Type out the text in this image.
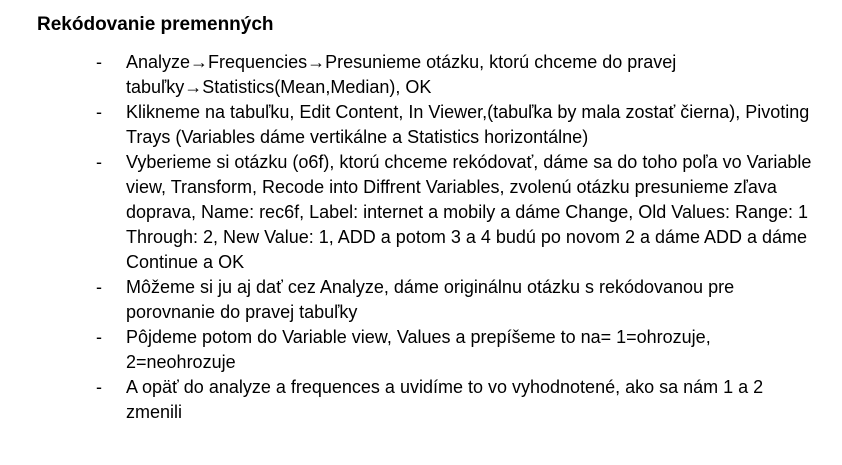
Rekódovanie premenných
- Analyze→Frequencies→Presunieme otázku, ktorú chceme do pravej tabuľky→Statistics(Mean,Median), OK
- Klikneme na tabuľku, Edit Content, In Viewer,(tabuľka by mala zostať čierna), Pivoting Trays (Variables dáme vertikálne a Statistics horizontálne)
- Vyberieme si otázku (o6f), ktorú chceme rekódovať, dáme sa do toho poľa vo Variable view, Transform, Recode into Diffrent Variables, zvolenú otázku presunieme zľava doprava, Name: rec6f, Label: internet a mobily a dáme Change, Old Values: Range: 1 Through: 2, New Value: 1, ADD a potom 3 a 4 budú po novom 2 a dáme ADD a dáme Continue a OK
- Môžeme si ju aj dať cez Analyze, dáme originálnu otázku s rekódovanou pre porovnanie do pravej tabuľky
- Pôjdeme potom do Variable view, Values a prepíšeme to na= 1=ohrozuje, 2=neohrozuje
- A opäť do analyze a frequences a uvidíme to vo vyhodnotené, ako sa nám 1 a 2 zmenili
